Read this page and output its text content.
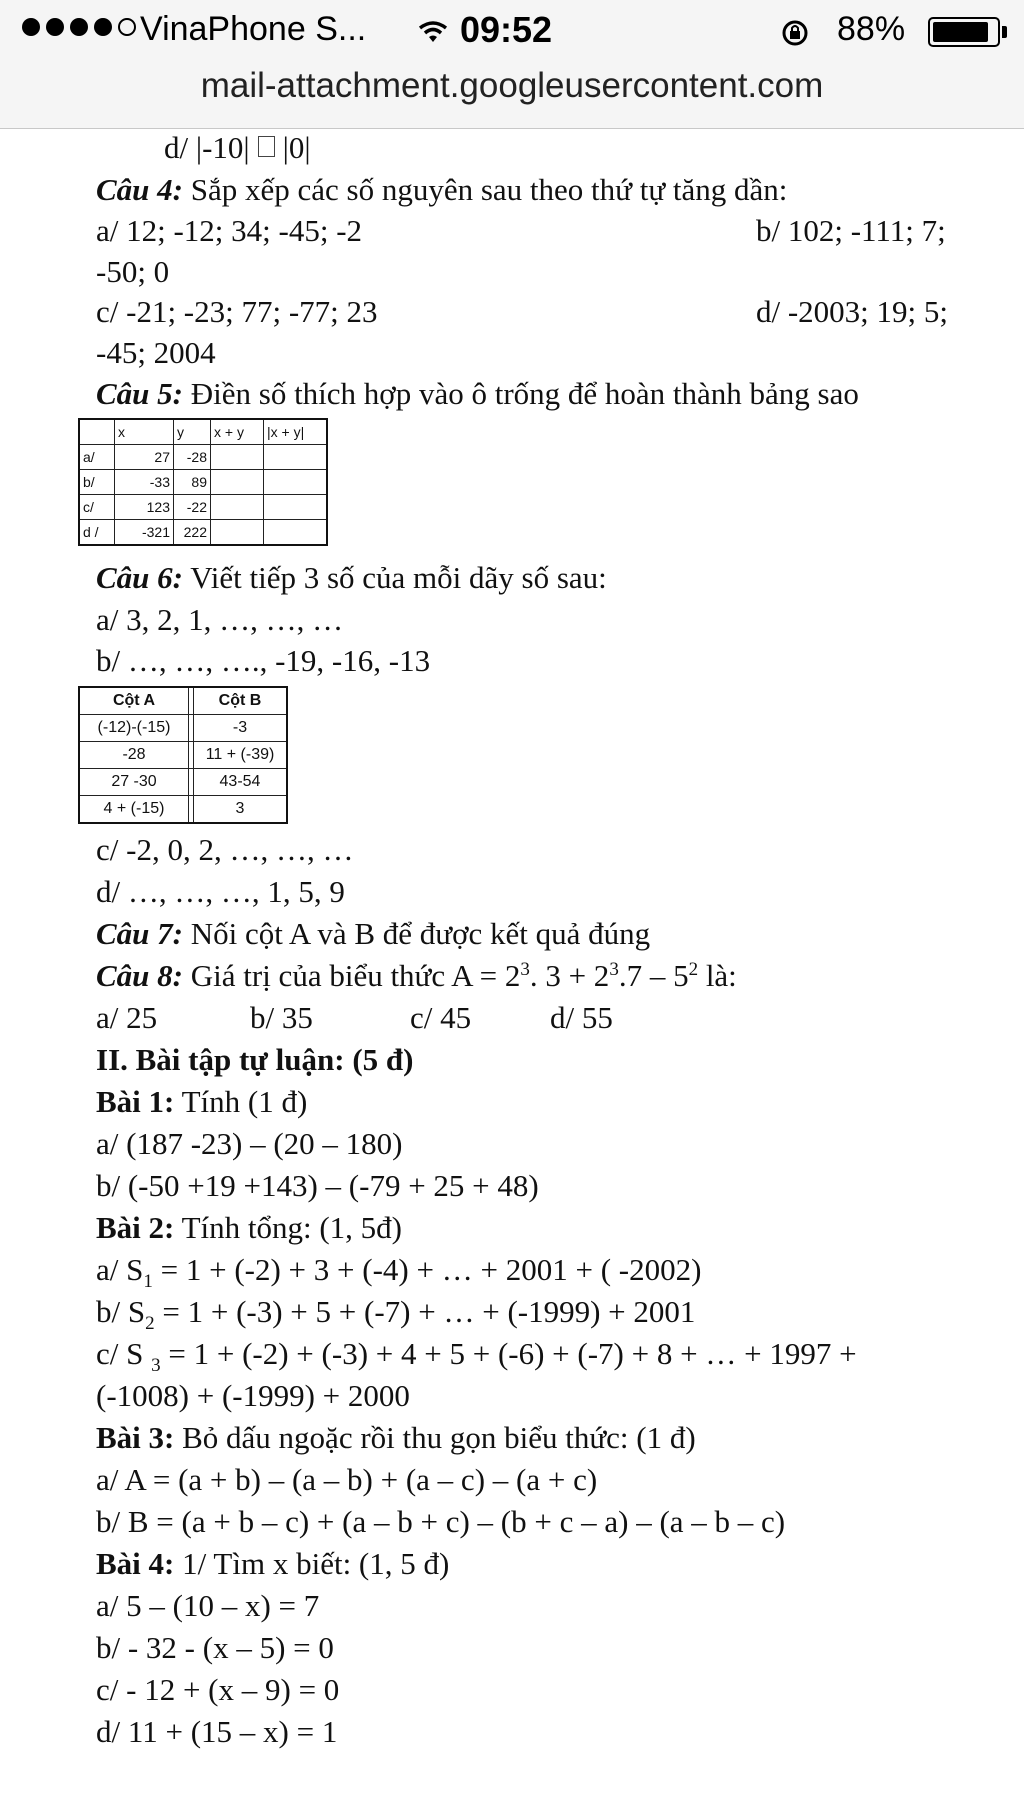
VinaPhone S...	09:52	88%
mail-attachment.googleusercontent.com
d/ |-10| |0|
Câu 4: Sắp xếp các số nguyên sau theo thứ tự tăng dần:
a/ 12; -12; 34; -45; -2	b/ 102; -111; 7;
-50; 0
c/ -21; -23; 77; -77; 23	d/ -2003; 19; 5;
-45; 2004
Câu 5: Điền số thích hợp vào ô trống để hoàn thành bảng sao
	x	y	x + y	|x + y|
a/	27	-28		
b/	-33	89		
c/	123	-22		
d /	-321	222		
Câu 6: Viết tiếp 3 số của mỗi dãy số sau:
a/ 3, 2, 1, …, …, …
b/ …, …, …., -19, -16, -13
Cột A		Cột B
(-12)-(-15)		-3
-28		11 + (-39)
27 -30		43-54
4 + (-15)		3
c/ -2, 0, 2, …, …, …
d/ …, …, …, 1, 5, 9
Câu 7: Nối cột A và B để được kết quả đúng
Câu 8: Giá trị của biểu thức $A = 2^3$. $3 + 2^3.7 - 5^2$ là:
a/ 25	b/ 35	c/ 45	d/ 55
II. Bài tập tự luận: (5 đ)
Bài 1: Tính (1 đ)
a/ (187 -23) – (20 – 180)
b/ (-50 +19 +143) – (-79 + 25 + 48)
Bài 2: Tính tổng: (1, 5đ)
a/ $S_1 = 1 + (-2) + 3 + (-4)$ + … + 2001 + ( -2002)
b/ $S_2 = 1 + (-3) + 5 + (-7)$ + … + (-1999) + 2001
c/ S $_3$ = 1 + (-2) + (-3) + 4 + 5 + (-6) + (-7) + 8 + … + 1997 +
(-1008) + (-1999) + 2000
Bài 3: Bỏ dấu ngoặc rồi thu gọn biểu thức: (1 đ)
a/ A = (a + b) – (a – b) + (a – c) – (a + c)
b/ B = (a + b – c) + (a – b + c) – (b + c – a) – (a – b – c)
Bài 4: 1/ Tìm x biết: (1, 5 đ)
a/ 5 – (10 – x) = 7
b/ - 32 - (x – 5) = 0
c/ - 12 + (x – 9) = 0
d/ 11 + (15 – x) = 1
